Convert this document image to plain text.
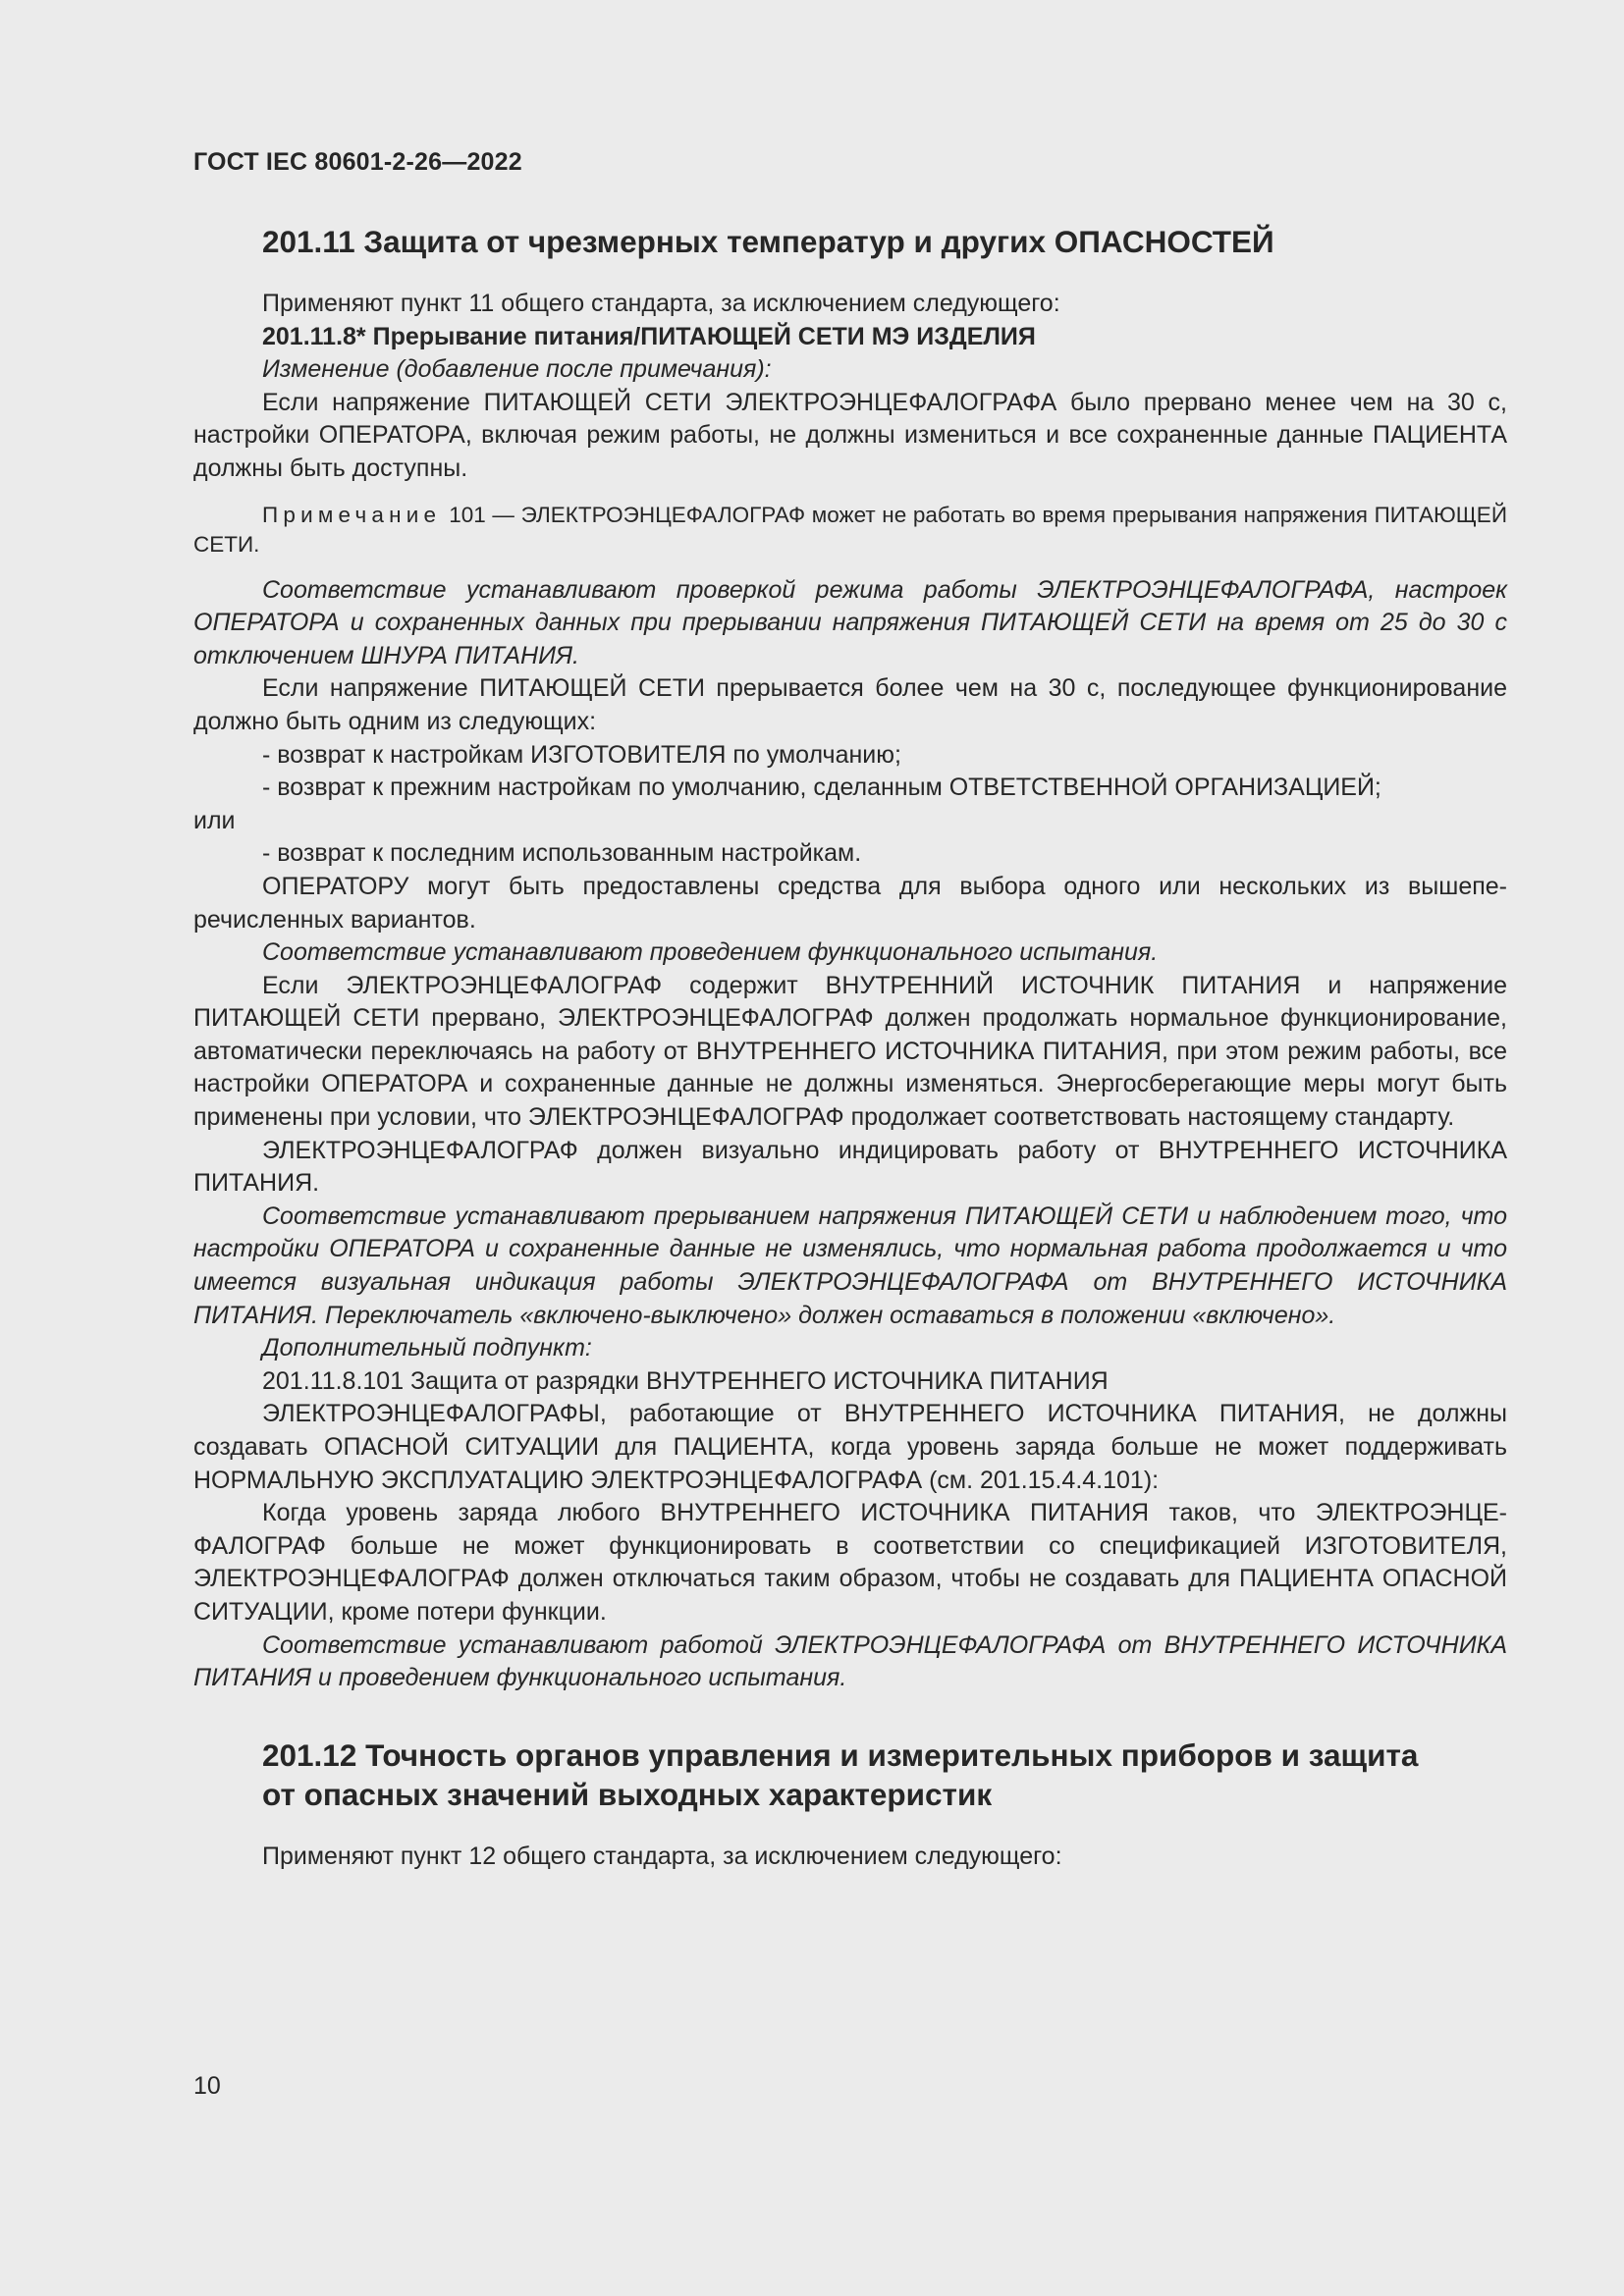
ГОСТ IEC 80601-2-26—2022
201.11 Защита от чрезмерных температур и других ОПАСНОСТЕЙ

Применяют пункт 11 общего стандарта, за исключением следующего:

201.11.8* Прерывание питания/ПИТАЮЩЕЙ СЕТИ МЭ ИЗДЕЛИЯ

Изменение (добавление после примечания):

Если напряжение ПИТАЮЩЕЙ СЕТИ ЭЛЕКТРОЭНЦЕФАЛОГРАФА было прервано менее чем на 30 с, настройки ОПЕРАТОРА, включая режим работы, не должны измениться и все сохраненные данные ПАЦИЕНТА должны быть доступны.

Примечание 101 — ЭЛЕКТРОЭНЦЕФАЛОГРАФ может не работать во время прерывания напряжения ПИТАЮЩЕЙ СЕТИ.

Соответствие устанавливают проверкой режима работы ЭЛЕКТРОЭНЦЕФАЛОГРАФА, настроек ОПЕРАТОРА и сохраненных данных при прерывании напряжения ПИТАЮЩЕЙ СЕТИ на время от 25 до 30 с отключением ШНУРА ПИТАНИЯ.

Если напряжение ПИТАЮЩЕЙ СЕТИ прерывается более чем на 30 с, последующее функционирование должно быть одним из следующих:

- возврат к настройкам ИЗГОТОВИТЕЛЯ по умолчанию;

- возврат к прежним настройкам по умолчанию, сделанным ОТВЕТСТВЕННОЙ ОРГАНИЗАЦИЕЙ;

или

- возврат к последним использованным настройкам.

ОПЕРАТОРУ могут быть предоставлены средства для выбора одного или нескольких из вышеперечисленных вариантов.

Соответствие устанавливают проведением функционального испытания.

Если ЭЛЕКТРОЭНЦЕФАЛОГРАФ содержит ВНУТРЕННИЙ ИСТОЧНИК ПИТАНИЯ и напряжение ПИТАЮЩЕЙ СЕТИ прервано, ЭЛЕКТРОЭНЦЕФАЛОГРАФ должен продолжать нормальное функционирование, автоматически переключаясь на работу от ВНУТРЕННЕГО ИСТОЧНИКА ПИТАНИЯ, при этом режим работы, все настройки ОПЕРАТОРА и сохраненные данные не должны изменяться. Энергосберегающие меры могут быть применены при условии, что ЭЛЕКТРОЭНЦЕФАЛОГРАФ продолжает соответствовать настоящему стандарту.

ЭЛЕКТРОЭНЦЕФАЛОГРАФ должен визуально индицировать работу от ВНУТРЕННЕГО ИСТОЧНИКА ПИТАНИЯ.

Соответствие устанавливают прерыванием напряжения ПИТАЮЩЕЙ СЕТИ и наблюдением того, что настройки ОПЕРАТОРА и сохраненные данные не изменялись, что нормальная работа продолжается и что имеется визуальная индикация работы ЭЛЕКТРОЭНЦЕФАЛОГРАФА от ВНУТРЕННЕГО ИСТОЧНИКА ПИТАНИЯ. Переключатель «включено-выключено» должен оставаться в положении «включено».

Дополнительный подпункт:

201.11.8.101 Защита от разрядки ВНУТРЕННЕГО ИСТОЧНИКА ПИТАНИЯ

ЭЛЕКТРОЭНЦЕФАЛОГРАФЫ, работающие от ВНУТРЕННЕГО ИСТОЧНИКА ПИТАНИЯ, не должны создавать ОПАСНОЙ СИТУАЦИИ для ПАЦИЕНТА, когда уровень заряда больше не может поддерживать НОРМАЛЬНУЮ ЭКСПЛУАТАЦИЮ ЭЛЕКТРОЭНЦЕФАЛОГРАФА (см. 201.15.4.4.101):

Когда уровень заряда любого ВНУТРЕННЕГО ИСТОЧНИКА ПИТАНИЯ таков, что ЭЛЕКТРОЭНЦЕФАЛОГРАФ больше не может функционировать в соответствии со спецификацией ИЗГОТОВИТЕЛЯ, ЭЛЕКТРОЭНЦЕФАЛОГРАФ должен отключаться таким образом, чтобы не создавать для ПАЦИЕНТА ОПАСНОЙ СИТУАЦИИ, кроме потери функции.

Соответствие устанавливают работой ЭЛЕКТРОЭНЦЕФАЛОГРАФА от ВНУТРЕННЕГО ИСТОЧНИКА ПИТАНИЯ и проведением функционального испытания.

201.12 Точность органов управления и измерительных приборов и защита
от опасных значений выходных характеристик

Применяют пункт 12 общего стандарта, за исключением следующего:

10
